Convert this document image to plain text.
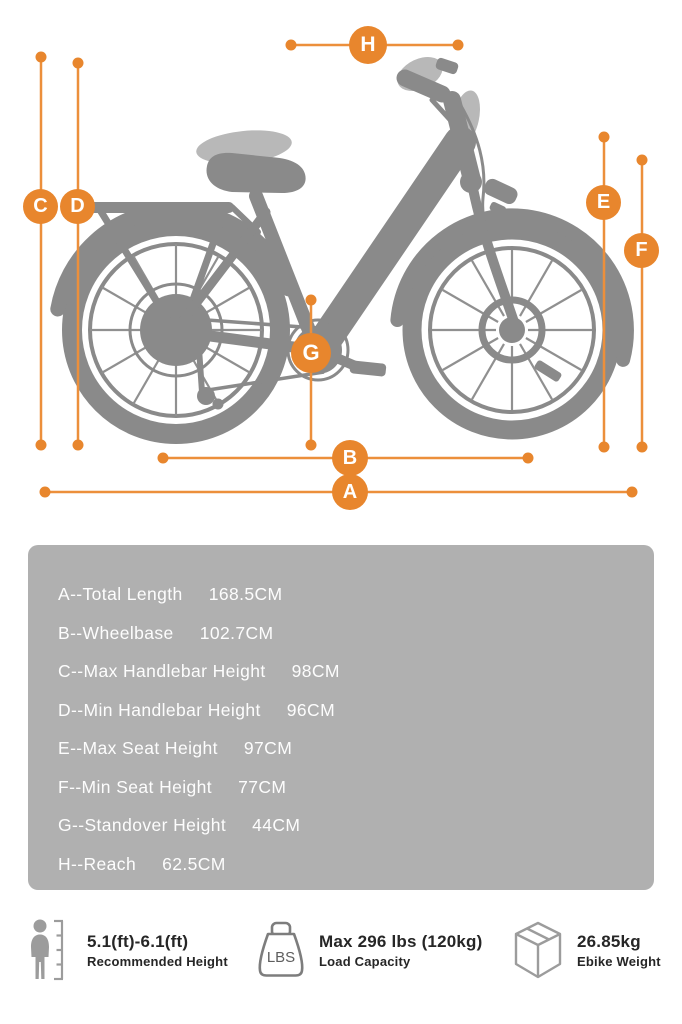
C	D	E
F
G
H
B
A
A--Total Length 168.5CM
B--Wheelbase 102.7CM
C--Max Handlebar Height 98CM
D--Min Handlebar Height 96CM
E--Max Seat Height 97CM
F--Min Seat Height 77CM
G--Standover Height 44CM
H--Reach 62.5CM
5.1(ft)-6.1(ft)
Recommended Height	LBS
Max 296 lbs (120kg)
Load Capacity
26.85kg
Ebike Weight
